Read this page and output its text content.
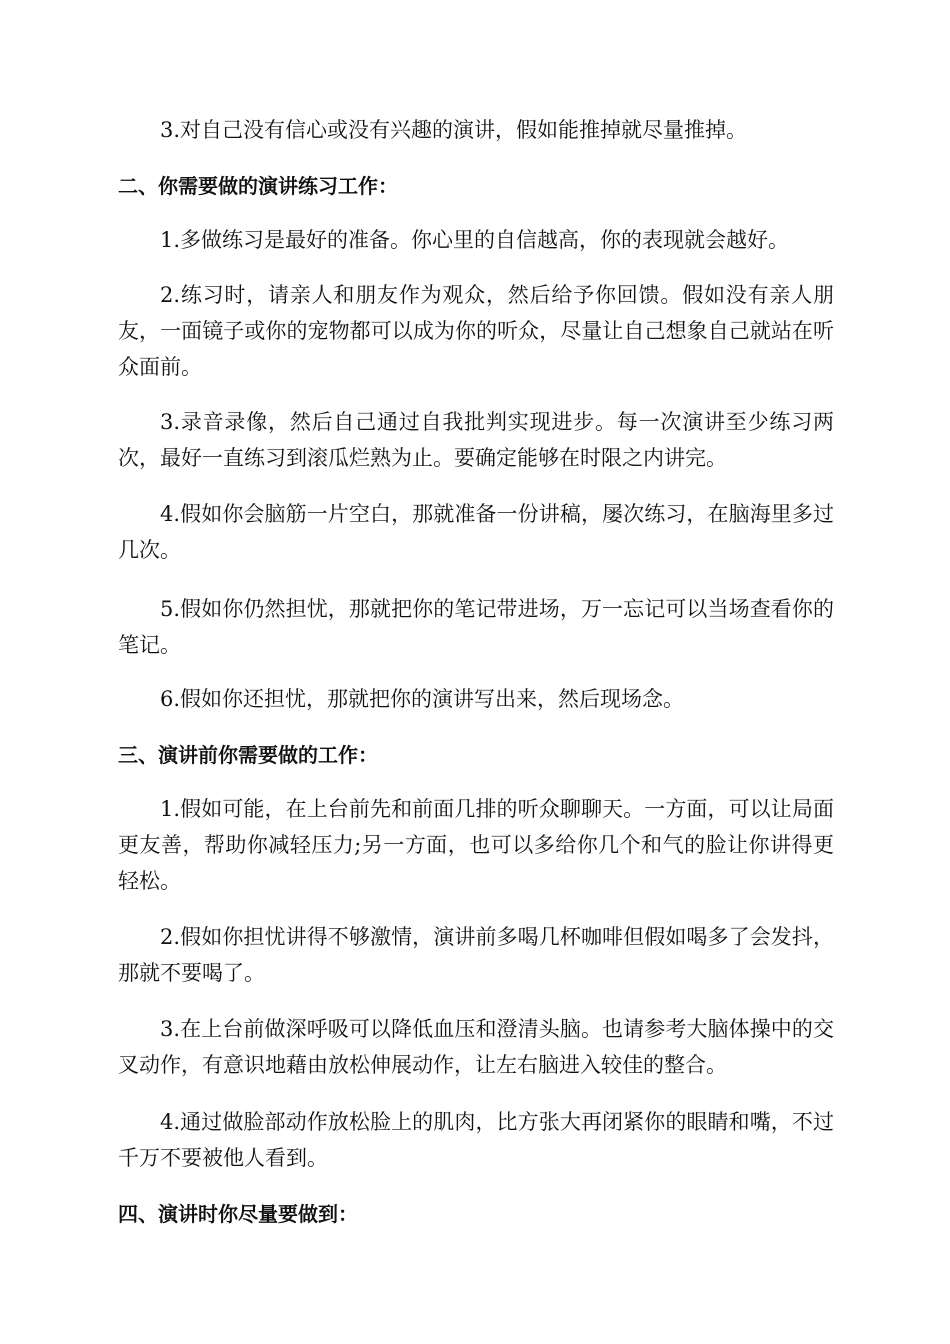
3.对自己没有信心或没有兴趣的演讲，假如能推掉就尽量推掉。

二、你需要做的演讲练习工作：

1.多做练习是最好的准备。你心里的自信越高，你的表现就会越好。

2.练习时，请亲人和朋友作为观众，然后给予你回馈。假如没有亲人朋友，一面镜子或你的宠物都可以成为你的听众，尽量让自己想象自己就站在听众面前。

3.录音录像，然后自己通过自我批判实现进步。每一次演讲至少练习两次，最好一直练习到滚瓜烂熟为止。要确定能够在时限之内讲完。

4.假如你会脑筋一片空白，那就准备一份讲稿，屡次练习，在脑海里多过几次。

5.假如你仍然担忧，那就把你的笔记带进场，万一忘记可以当场查看你的笔记。

6.假如你还担忧，那就把你的演讲写出来，然后现场念。

三、演讲前你需要做的工作：

1.假如可能，在上台前先和前面几排的听众聊聊天。一方面，可以让局面更友善，帮助你减轻压力;另一方面，也可以多给你几个和气的脸让你讲得更轻松。

2.假如你担忧讲得不够激情，演讲前多喝几杯咖啡但假如喝多了会发抖，那就不要喝了。

3.在上台前做深呼吸可以降低血压和澄清头脑。也请参考大脑体操中的交叉动作，有意识地藉由放松伸展动作，让左右脑进入较佳的整合。

4.通过做脸部动作放松脸上的肌肉，比方张大再闭紧你的眼睛和嘴，不过千万不要被他人看到。

四、演讲时你尽量要做到：
